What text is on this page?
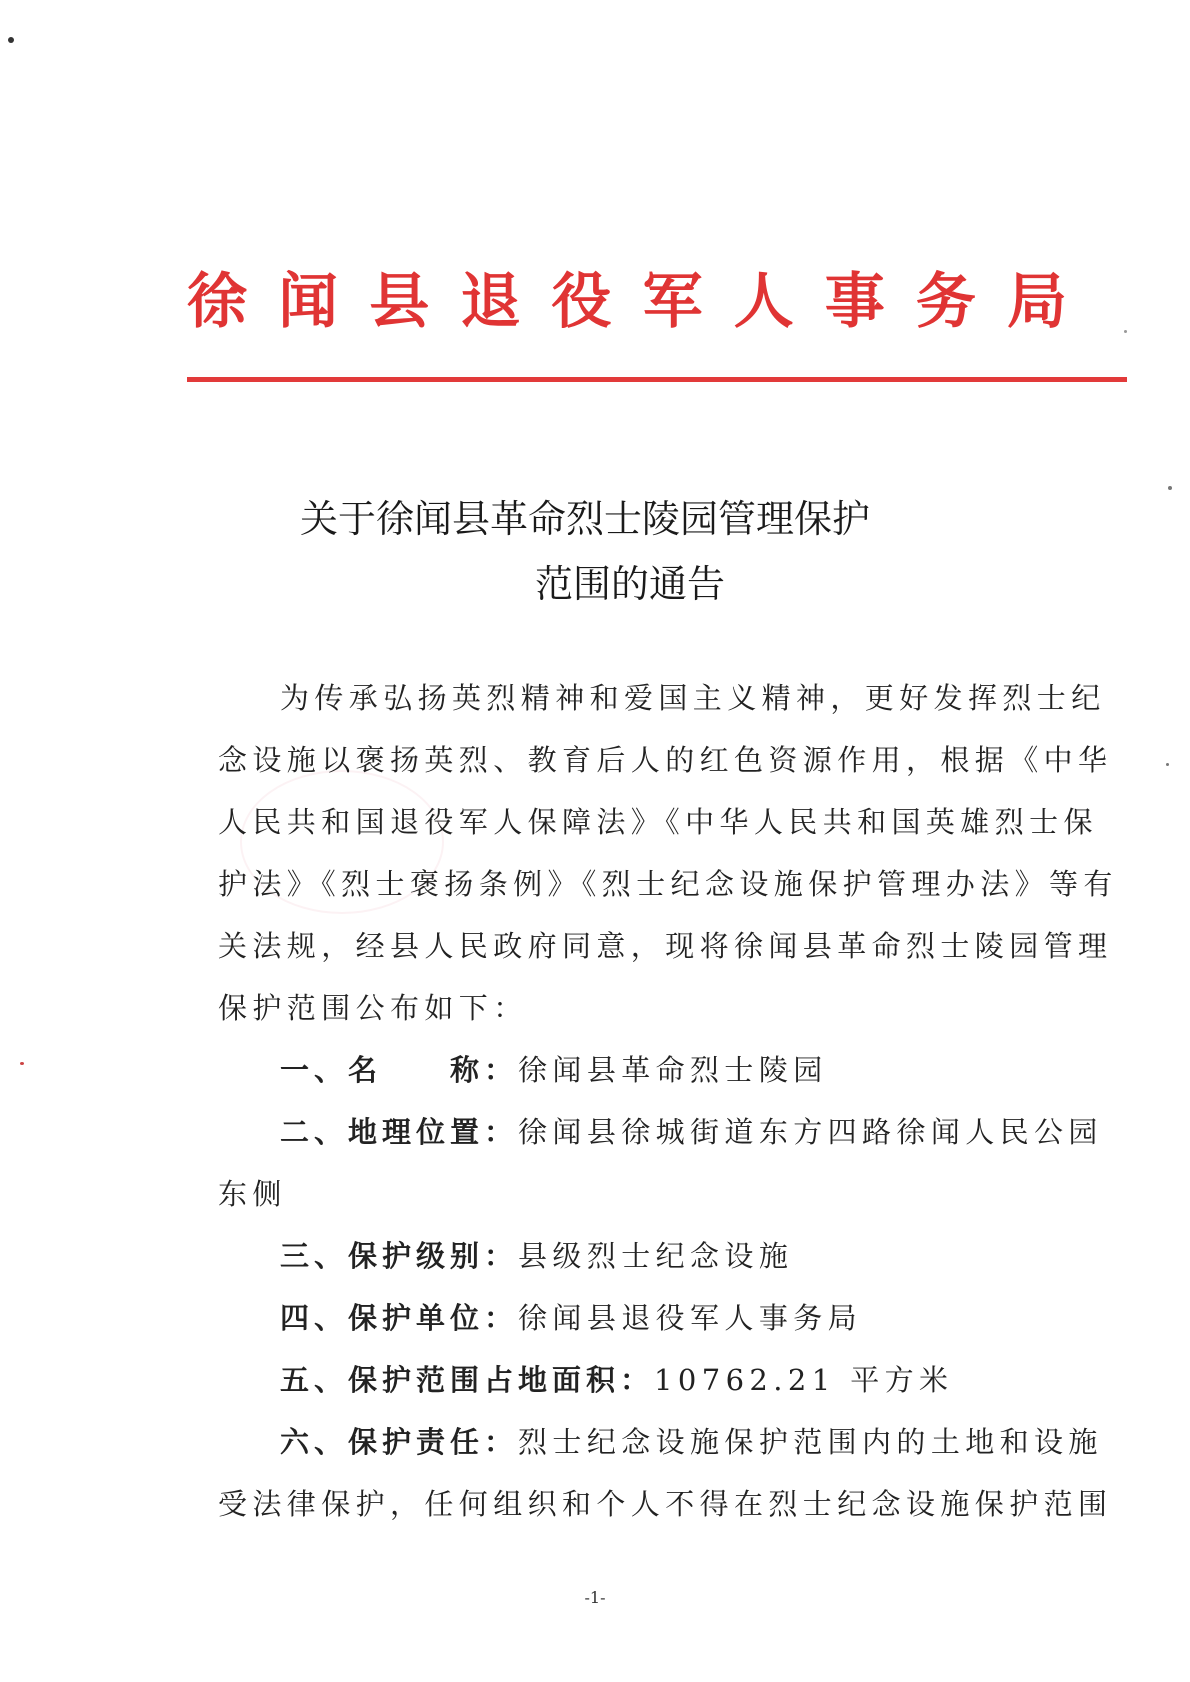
徐 闻 县 退 役 军 人 事 务 局
关于徐闻县革命烈士陵园管理保护
范围的通告
为传承弘扬英烈精神和爱国主义精神，更好发挥烈士纪
念设施以褒扬英烈、教育后人的红色资源作用，根据《中华
人民共和国退役军人保障法》《中华人民共和国英雄烈士保
护法》《烈士褒扬条例》《烈士纪念设施保护管理办法》等有
关法规，经县人民政府同意，现将徐闻县革命烈士陵园管理
保护范围公布如下：
一、名　　称：徐闻县革命烈士陵园
二、地理位置：徐闻县徐城街道东方四路徐闻人民公园
东侧
三、保护级别：县级烈士纪念设施
四、保护单位：徐闻县退役军人事务局
五、保护范围占地面积：10762.21 平方米
六、保护责任：烈士纪念设施保护范围内的土地和设施
受法律保护，任何组织和个人不得在烈士纪念设施保护范围
-1-
